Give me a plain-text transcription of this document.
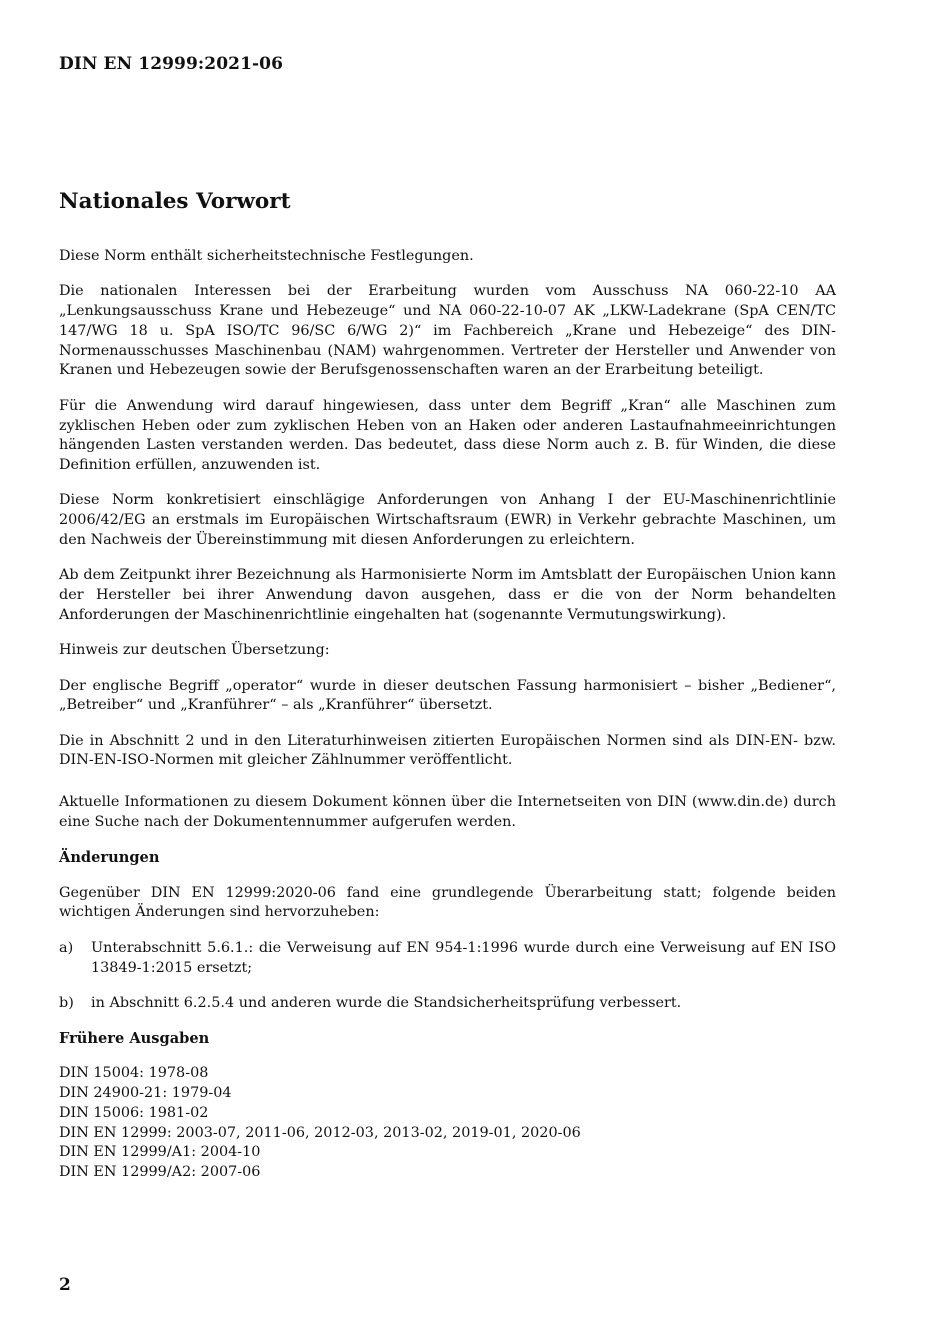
DIN EN 12999:2021-06
Nationales Vorwort

Diese Norm enthält sicherheitstechnische Festlegungen.

Die nationalen Interessen bei der Erarbeitung wurden vom Ausschuss NA 060-22-10 AA „Lenkungsausschuss Krane und Hebezeuge“ und NA 060-22-10-07 AK „LKW-Ladekrane (SpA CEN/TC 147/WG 18 u. SpA ISO/TC 96/SC 6/WG 2)“ im Fachbereich „Krane und Hebezeige“ des DIN-Normenausschusses Maschinenbau (NAM) wahrgenommen. Vertreter der Hersteller und Anwender von Kranen und Hebezeugen sowie der Berufsgenossenschaften waren an der Erarbeitung beteiligt.

Für die Anwendung wird darauf hingewiesen, dass unter dem Begriff „Kran“ alle Maschinen zum zyklischen Heben oder zum zyklischen Heben von an Haken oder anderen Lastaufnahmeeinrichtungen hängenden Lasten verstanden werden. Das bedeutet, dass diese Norm auch z. B. für Winden, die diese Definition erfüllen, anzuwenden ist.

Diese Norm konkretisiert einschlägige Anforderungen von Anhang I der EU-Maschinenrichtlinie 2006/42/EG an erstmals im Europäischen Wirtschaftsraum (EWR) in Verkehr gebrachte Maschinen, um den Nachweis der Übereinstimmung mit diesen Anforderungen zu erleichtern.

Ab dem Zeitpunkt ihrer Bezeichnung als Harmonisierte Norm im Amtsblatt der Europäischen Union kann der Hersteller bei ihrer Anwendung davon ausgehen, dass er die von der Norm behandelten Anforderungen der Maschinenrichtlinie eingehalten hat (sogenannte Vermutungswirkung).

Hinweis zur deutschen Übersetzung:

Der englische Begriff „operator“ wurde in dieser deutschen Fassung harmonisiert – bisher „Bediener“, „Betreiber“ und „Kranführer“ – als „Kranführer“ übersetzt.

Die in Abschnitt 2 und in den Literaturhinweisen zitierten Europäischen Normen sind als DIN-EN- bzw. DIN-EN-ISO-Normen mit gleicher Zählnummer veröffentlicht.

Aktuelle Informationen zu diesem Dokument können über die Internetseiten von DIN (www.din.de) durch eine Suche nach der Dokumentennummer aufgerufen werden.

Änderungen

Gegenüber DIN EN 12999:2020-06 fand eine grundlegende Überarbeitung statt; folgende beiden wichtigen Änderungen sind hervorzuheben:

a)	Unterabschnitt 5.6.1.: die Verweisung auf EN 954-1:1996 wurde durch eine Verweisung auf EN ISO 13849-1:2015 ersetzt;
b)	in Abschnitt 6.2.5.4 und anderen wurde die Standsicherheitsprüfung verbessert.
Frühere Ausgaben
DIN 15004: 1978-08
DIN 24900-21: 1979-04
DIN 15006: 1981-02
DIN EN 12999: 2003-07, 2011-06, 2012-03, 2013-02, 2019-01, 2020-06
DIN EN 12999/A1: 2004-10
DIN EN 12999/A2: 2007-06
2
